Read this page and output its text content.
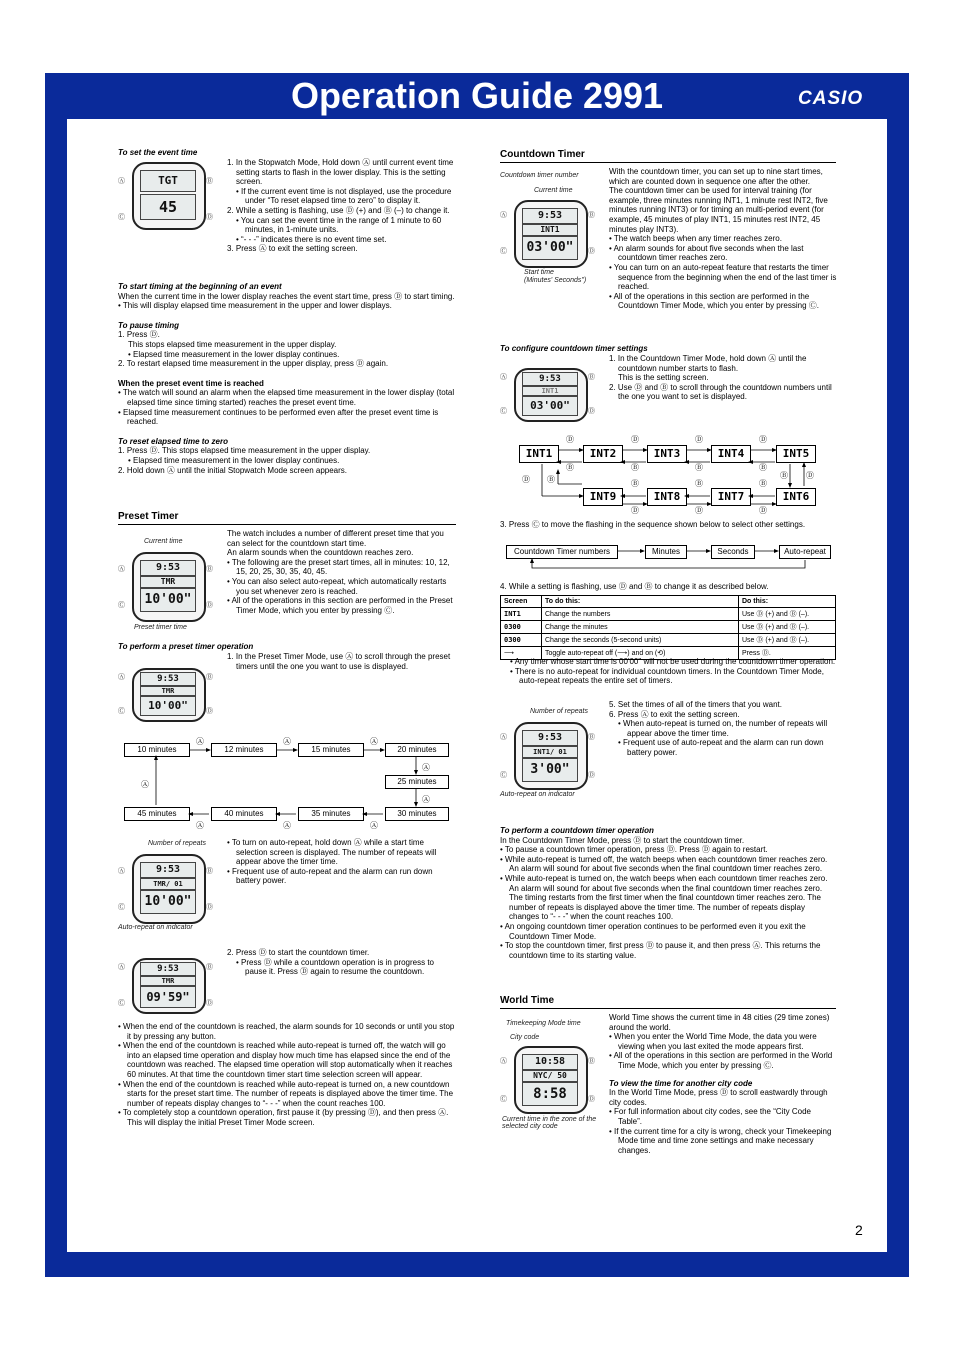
Operation Guide 2991	CASIO
2

To set the event time

TGT
45
Ⓐ	Ⓑ
Ⓒ	Ⓓ

1. In the Stopwatch Mode, Hold down Ⓐ until current event time setting starts to flash in the lower display. This is the setting screen.

• If the current event time is not displayed, use the procedure under “To reset elapsed time to zero” to display it.

2. While a setting is flashing, use Ⓓ (+) and Ⓑ (–) to change it.

• You can set the event time in the range of 1 minute to 60 minutes, in 1-minute units.

• “- - -” indicates there is no event time set.

3. Press Ⓐ to exit the setting screen.

To start timing at the beginning of an event

When the current time in the lower display reaches the event start time, press Ⓓ to start timing.

• This will display elapsed time measurement in the upper and lower displays.

To pause timing

1. Press Ⓓ.

This stops elapsed time measurement in the upper display.

• Elapsed time measurement in the lower display continues.

2. To restart elapsed time measurement in the upper display, press Ⓓ again.

When the preset event time is reached

• The watch will sound an alarm when the elapsed time measurement in the lower display (total elapsed time since timing started) reaches the preset event time.

• Elapsed time measurement continues to be performed even after the preset event time is reached.

To reset elapsed time to zero

1. Press Ⓓ. This stops elapsed time measurement in the upper display.

• Elapsed time measurement in the lower display continues.

2. Hold down Ⓐ until the initial Stopwatch Mode screen appears.

Preset Timer

The watch includes a number of different preset time that you can select for the countdown start time.

An alarm sounds when the countdown reaches zero.

• The following are the preset start times, all in minutes: 10, 12, 15, 20, 25, 30, 35, 40, 45.

• You can also select auto-repeat, which automatically restarts you set whenever zero is reached.

• All of the operations in this section are performed in the Preset Timer Mode, which you enter by pressing Ⓒ.

Current time
9:53
TMR
10'00"
Ⓐ	Ⓑ
Ⓒ	Ⓓ
Preset timer time

To perform a preset timer operation

1. In the Preset Timer Mode, use Ⓐ to scroll through the preset timers until the one you want to use is displayed.

9:53
TMR
10'00"
Ⓐ	Ⓑ
Ⓒ	Ⓓ
10 minutes	12 minutes	15 minutes	20 minutes
25 minutes
30 minutes
35 minutes
40 minutes
45 minutes
Ⓐ	Ⓐ	Ⓐ
Ⓐ
Ⓐ
Ⓐ
Ⓐ
Ⓐ
Ⓐ
Number of repeats
9:53
TMR/ 01
10'00"
Ⓐ	Ⓑ
Ⓒ	Ⓓ
Auto-repeat on indicator

• To turn on auto-repeat, hold down Ⓐ while a start time selection screen is displayed. The number of repeats will appear above the timer time.

• Frequent use of auto-repeat and the alarm can run down battery power.

9:53
TMR
09'59"
Ⓐ	Ⓑ
Ⓒ	Ⓓ

2. Press Ⓓ to start the countdown timer.

• Press Ⓓ while a countdown operation is in progress to pause it. Press Ⓓ again to resume the countdown.

• When the end of the countdown is reached, the alarm sounds for 10 seconds or until you stop it by pressing any button.

• When the end of the countdown is reached while auto-repeat is turned off, the watch will go into an elapsed time operation and display how much time has elapsed since the end of the countdown was reached. The elapsed time operation will stop automatically when it reaches 60 minutes. At that time the countdown timer start time selection screen will appear.

• When the end of the countdown is reached while auto-repeat is turned on, a new countdown starts for the preset start time. The number of repeats is displayed above the timer time. The number of repeats display changes to “- - -” when the count reaches 100.

• To completely stop a countdown operation, first pause it (by pressing Ⓓ), and then press Ⓐ. This will display the initial Preset Timer Mode screen.

Countdown Timer

Countdown timer number
Current time
9:53
INT1
03'00"
Ⓐ	Ⓑ
Ⓒ	Ⓓ
Start time
(Minutes' Seconds")

With the countdown timer, you can set up to nine start times, which are counted down in sequence one after the other.

The countdown timer can be used for interval training (for example, three minutes running INT1, 1 minute rest INT2, five minutes running INT3) or for timing an multi-period event (for example, 45 minutes of play INT1, 15 minutes rest INT2, 45 minutes play INT3).

• The watch beeps when any timer reaches zero.

• An alarm sounds for about five seconds when the last countdown timer reaches zero.

• You can turn on an auto-repeat feature that restarts the timer sequence from the beginning when the end of the last timer is reached.

• All of the operations in this section are performed in the Countdown Timer Mode, which you enter by pressing Ⓒ.

To configure countdown timer settings

1. In the Countdown Timer Mode, hold down Ⓐ until the countdown number starts to flash.

This is the setting screen.

2. Use Ⓓ and Ⓑ to scroll through the countdown numbers until the one you want to set is displayed.

9:53
INT1
03'00"
Ⓐ	Ⓑ
Ⓒ	Ⓓ
INT1	INT2	INT3	INT4	INT5
INT9	INT8	INT7	INT6
Ⓓ	Ⓓ	Ⓓ	Ⓓ
Ⓑ	Ⓑ	Ⓑ	Ⓑ
Ⓓ Ⓑ	Ⓑ	Ⓑ	Ⓑ
Ⓓ	Ⓓ	Ⓓ
Ⓑ Ⓓ

3. Press Ⓒ to move the flashing in the sequence shown below to select other settings.

Countdown Timer numbers	Minutes	Seconds	Auto-repeat

4. While a setting is flashing, use Ⓓ and Ⓑ to change it as described below.

Screen	To do this:	Do this:
INT1	Change the numbers	Use Ⓓ (+) and Ⓑ (–).
0300	Change the minutes	Use Ⓓ (+) and Ⓑ (–).
0300	Change the seconds (5-second units)	Use Ⓓ (+) and Ⓑ (–).
⟶	Toggle auto-repeat off (⟶) and on (⟲)	Press Ⓓ.

• Any timer whose start time is 00'00" will not be used during the countdown timer operation.

• There is no auto-repeat for individual countdown timers. In the Countdown Timer Mode, auto-repeat repeats the entire set of timers.

Number of repeats
9:53
INT1/ 01
3'00"
Ⓐ	Ⓑ
Ⓒ	Ⓓ
Auto-repeat on indicator

5. Set the times of all of the timers that you want.

6. Press Ⓐ to exit the setting screen.

• When auto-repeat is turned on, the number of repeats will appear above the timer time.

• Frequent use of auto-repeat and the alarm can run down battery power.

To perform a countdown timer operation

In the Countdown Timer Mode, press Ⓓ to start the countdown timer.

• To pause a countdown timer operation, press Ⓓ. Press Ⓓ again to restart.

• While auto-repeat is turned off, the watch beeps when each countdown timer reaches zero. An alarm will sound for about five seconds when the final countdown timer reaches zero.

• While auto-repeat is turned on, the watch beeps when each countdown timer reaches zero. An alarm will sound for about five seconds when the final countdown timer reaches zero. The timing restarts from the first timer when the final countdown timer reaches zero. The number of repeats is displayed above the timer time. The number of repeats display changes to “- - -” when the count reaches 100.

• An ongoing countdown timer operation continues to be performed even it you exit the Countdown Timer Mode.

• To stop the countdown timer, first press Ⓓ to pause it, and then press Ⓐ. This returns the countdown time to its starting value.

World Time

Timekeeping Mode time
City code
10:58
NYC/ 50
8:58
Ⓐ	Ⓑ
Ⓒ	Ⓓ
Current time in the zone of the selected city code

World Time shows the current time in 48 cities (29 time zones) around the world.

• When you enter the World Time Mode, the data you were viewing when you last exited the mode appears first.

• All of the operations in this section are performed in the World Time Mode, which you enter by pressing Ⓒ.

To view the time for another city code

In the World Time Mode, press Ⓓ to scroll eastwardly through city codes.

• For full information about city codes, see the “City Code Table”.

• If the current time for a city is wrong, check your Timekeeping Mode time and time zone settings and make necessary changes.
